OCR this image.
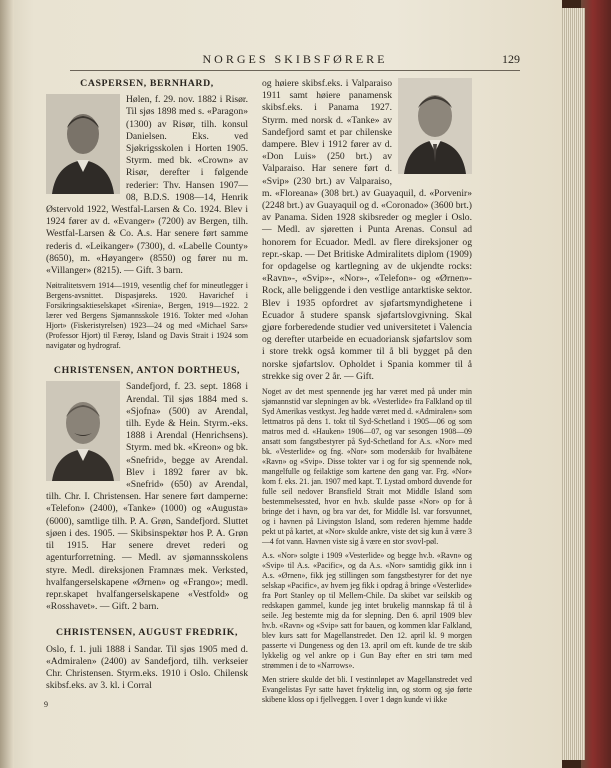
NORGES SKIBSFØRERE	129
CASPERSEN, BERNHARD,

Hølen, f. 29. nov. 1882 i Risør. Til sjøs 1898 med s. «Paragon» (1300) av Risør, tilh. konsul Danielsen. Eks. ved Sjøkrigsskolen i Horten 1905. Styrm. med bk. «Crown» av Risør, derefter i følgende rederier: Thv. Hansen 1907—08, B.D.S. 1908—14, Henrik Østervold 1922, Westfal-Larsen & Co. 1924. Blev i 1924 fører av d. «Evanger» (7200) av Bergen, tilh. Westfal-Larsen & Co. A.s. Har senere ført samme rederis d. «Leikanger» (7300), d. «Labelle County» (8650), m. «Høyanger» (8550) og fører nu m. «Villanger» (8215). — Gift. 3 barn.

Nøitralitetsvern 1914—1919, vesentlig chef for mineutlegger i Bergens-avsnittet. Dispasjøreks. 1920. Havarichef i Forsikringsaktieselskapet «Sirenia», Bergen, 1919—1922. 2 lærer ved Bergens Sjømannsskole 1916. Tokter med «Johan Hjort» (Fiskeristyrelsen) 1923—24 og med «Michael Sars» (Professor Hjort) til Færøy, Island og Davis Strait i 1924 som navigatør og hydrograf.

CHRISTENSEN, ANTON DORTHEUS,

Sandefjord, f. 23. sept. 1868 i Arendal. Til sjøs 1884 med s. «Sjofna» (500) av Arendal, tilh. Eyde & Hein. Styrm.-eks. 1888 i Arendal (Henrichsens). Styrm. med bk. «Kreon» og bk. «Snefrid», begge av Arendal. Blev i 1892 fører av bk. «Snefrid» (650) av Arendal, tilh. Chr. I. Christensen. Har senere ført damperne: «Telefon» (2400), «Tanke» (1000) og «Augusta» (6000), samtlige tilh. P. A. Grøn, Sandefjord. Sluttet sjøen i des. 1905. — Skibsinspektør hos P. A. Grøn til 1915. Har senere drevet rederi og agenturforretning. — Medl. av sjømannsskolens styre. Medl. direksjonen Framnæs mek. Verksted, hvalfangerselskapene «Ørnen» og «Frango»; medl. repr.skapet hvalfangerselskapene «Vestfold» og «Rosshavet». — Gift. 2 barn.

CHRISTENSEN, AUGUST FREDRIK,

Oslo, f. 1. juli 1888 i Sandar. Til sjøs 1905 med d. «Admiralen» (2400) av Sandefjord, tilh. verkseier Chr. Christensen. Styrm.eks. 1910 i Oslo. Chilensk skibsf.eks. av 3. kl. i Corral

og høiere skibsf.eks. i Valparaiso 1911 samt høiere panamensk skibsf.eks. i Panama 1927. Styrm. med norsk d. «Tanke» av Sandefjord samt et par chilenske dampere. Blev i 1912 fører av d. «Don Luis» (250 brt.) av Valparaiso. Har senere ført d. «Svip» (230 brt.) av Valparaiso, m. «Floreana» (308 brt.) av Guayaquil, d. «Porvenir» (2248 brt.) av Guayaquil og d. «Coronado» (3600 brt.) av Panama. Siden 1928 skibsreder og megler i Oslo. — Medl. av sjøretten i Punta Arenas. Consul ad honorem for Ecuador. Medl. av flere direksjoner og repr.-skap. — Det Britiske Admiralitets diplom (1909) for opdagelse og kartlegning av de ukjendte rocks: «Ravn»-, «Svip»-, «Nor»-, «Telefon»- og «Ørnen»-Rock, alle beliggende i den vestlige antarktiske sektor. Blev i 1935 opfordret av sjøfartsmyndighetene i Ecuador å studere spansk sjøfartslovgivning. Skal gjøre forberedende studier ved universitetet i Valencia og derefter utarbeide en ecuadoriansk sjøfartslov som i store trekk også kommer til å bli bygget på den norske sjøfartslov. Opholdet i Spania kommer til å strekke sig over 2 år. — Gift.

Noget av det mest spennende jeg har været med på under min sjømannstid var slepningen av bk. «Vesterlide» fra Falkland op til Syd Amerikas vestkyst. Jeg hadde været med d. «Admiralen» som lettmatros på dens 1. tokt til Syd-Schetland i 1905—06 og som matros med d. «Hauken» 1906—07, og var sesongen 1908—09 ansatt som fangstbestyrer på Syd-Schetland for A.s. «Nor» med bk. «Vesterlide» og fng. «Nor» som moderskib for hvalbåtene «Ravn» og «Svip». Disse tokter var i og for sig spennende nok, mangelfulle og feilaktige som kartene den gang var. Frg. «Nor» kom f. eks. 21. jan. 1907 med kapt. T. Lystad ombord duvende for fulle seil nedover Bransfield Strait mot Middle Island som bestemmelsessted, hvor en hv.b. skulde passe «Nor» op for å bringe det i havn, og bra var det, for Middle Isl. var forsvunnet, og i havnen på Livingston Island, som rederen hjemme hadde pekt ut på kartet, at «Nor» skulde ankre, viste det sig kun å være 3—4 fot vann. Havnen viste sig å være en stor svovl-pøl.

A.s. «Nor» solgte i 1909 «Vesterlide» og begge hv.b. «Ravn» og «Svip» til A.s. «Pacific», og da A.s. «Nor» samtidig gikk inn i A.s. «Ørnen», fikk jeg stillingen som fangstbestyrer for det nye selskap «Pacific», av hvem jeg fikk i opdrag å bringe «Vesterlide» fra Port Stanley op til Mellem-Chile. Da skibet var seilskib og redskapen gammel, kunde jeg intet brukelig mannskap få til å seile. Jeg bestemte mig da for slepning. Den 6. april 1909 blev hv.b. «Ravn» og «Svip» satt for bauen, og kommen klar Falkland, blev kurs satt for Magellanstredet. Den 12. april kl. 9 morgen passerte vi Dungeness og den 13. april om eft. kunde de tre skib lykkelig og vel ankre op i Gun Bay efter en stri tørn med strømmen i de to «Narrows».

Men striere skulde det bli. I vestinnløpet av Magellanstredet ved Evangelistas Fyr satte havet fryktelig inn, og storm og sjø førte skibene kloss op i fjellveggen. I over 1 døgn kunde vi ikke

9
